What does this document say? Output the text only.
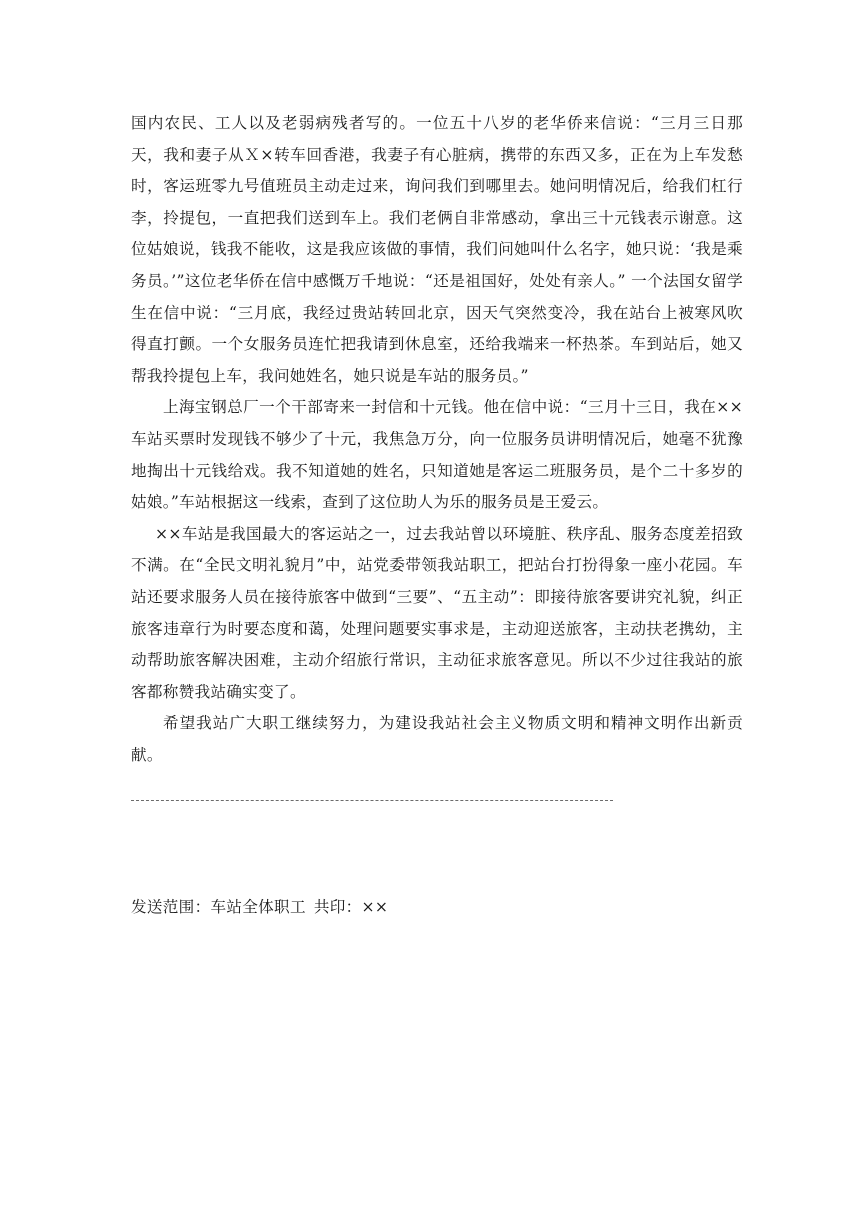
国内农民、工人以及老弱病残者写的。一位五十八岁的老华侨来信说：“三月三日那天，我和妻子从Ｘ×转车回香港，我妻子有心脏病，携带的东西又多，正在为上车发愁时，客运班零九号值班员主动走过来，询问我们到哪里去。她问明情况后，给我们杠行李，拎提包，一直把我们送到车上。我们老俩自非常感动，拿出三十元钱表示谢意。这位姑娘说，钱我不能收，这是我应该做的事情，我们问她叫什么名字，她只说：‘我是乘务员。’”这位老华侨在信中感慨万千地说：“还是祖国好，处处有亲人。” 一个法国女留学生在信中说：“三月底，我经过贵站转回北京，因天气突然变冷，我在站台上被寒风吹得直打颤。一个女服务员连忙把我请到休息室，还给我端来一杯热茶。车到站后，她又帮我拎提包上车，我问她姓名，她只说是车站的服务员。”

上海宝钢总厂一个干部寄来一封信和十元钱。他在信中说：“三月十三日，我在××车站买票时发现钱不够少了十元，我焦急万分，向一位服务员讲明情况后，她毫不犹豫地掏出十元钱给戏。我不知道她的姓名，只知道她是客运二班服务员，是个二十多岁的姑娘。”车站根据这一线索，查到了这位助人为乐的服务员是王爱云。

××车站是我国最大的客运站之一，过去我站曾以环境脏、秩序乱、服务态度差招致不满。在“全民文明礼貌月”中，站党委带领我站职工，把站台打扮得象一座小花园。车站还要求服务人员在接待旅客中做到“三要”、“五主动”：即接待旅客要讲究礼貌，纠正旅客违章行为时要态度和蔼，处理问题要实事求是，主动迎送旅客，主动扶老携幼，主动帮助旅客解决困难，主动介绍旅行常识，主动征求旅客意见。所以不少过往我站的旅客都称赞我站确实变了。

希望我站广大职工继续努力，为建设我站社会主义物质文明和精神文明作出新贡献。

发送范围：车站全体职工 共印：××
